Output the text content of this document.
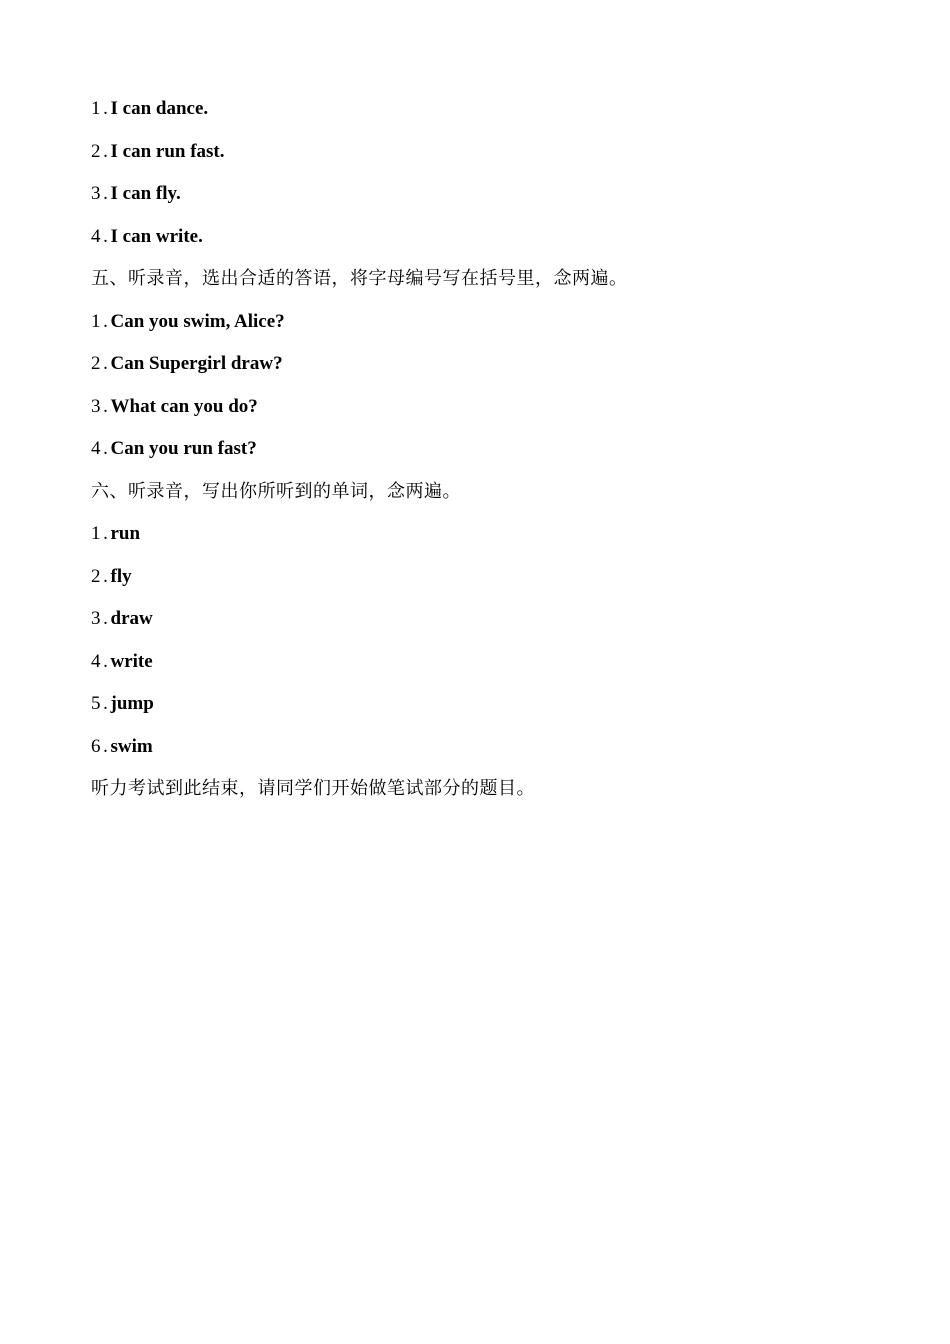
1 . I can dance.
2 . I can run fast.
3 . I can fly.
4 . I can write.
五、听录音，选出合适的答语，将字母编号写在括号里，念两遍。
1 . Can you swim, Alice?
2 . Can Supergirl draw?
3 . What can you do?
4 . Can you run fast?
六、听录音，写出你所听到的单词，念两遍。
1 . run
2 . fly
3 . draw
4 . write
5 . jump
6 . swim
听力考试到此结束，请同学们开始做笔试部分的题目。
